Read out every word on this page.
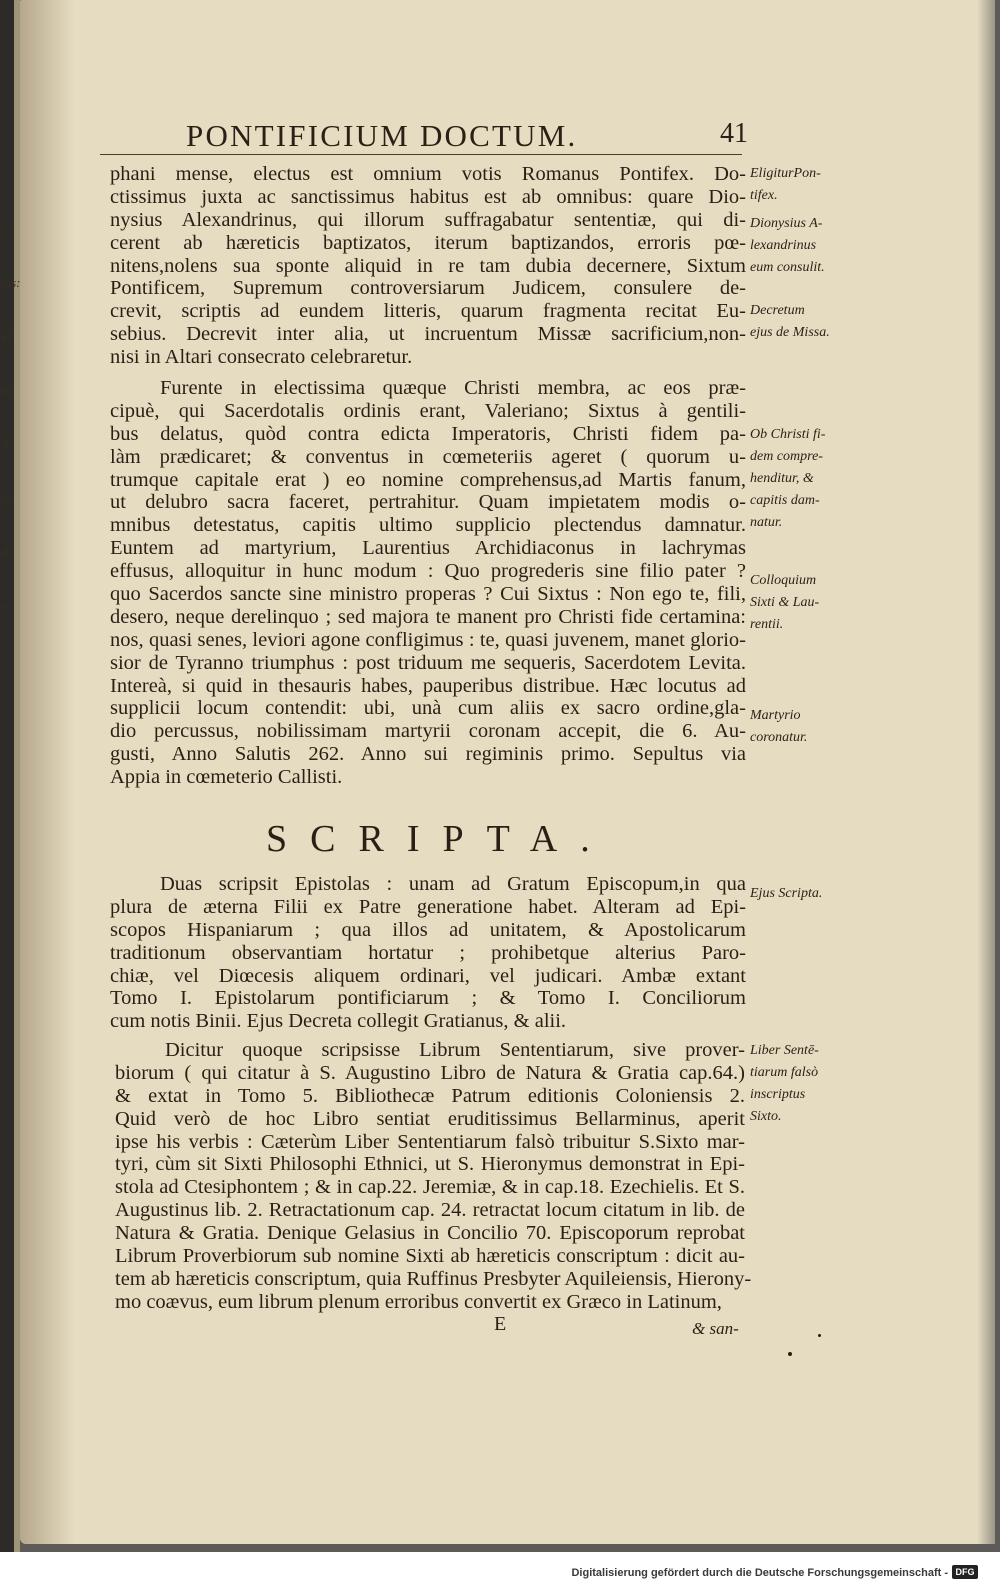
ι
ius:
ul
0-
d
ii-
d
e
PONTIFICIUM DOCTUM.	41
phani mense, electus est omnium votis Romanus Pontifex. Do-
ctissimus juxta ac sanctissimus habitus est ab omnibus: quare Dio-
nysius Alexandrinus, qui illorum suffragabatur sententiæ, qui di-
cerent ab hæreticis baptizatos, iterum baptizandos, erroris pœ-
nitens,nolens sua sponte aliquid in re tam dubia decernere, Sixtum
Pontificem, Supremum controversiarum Judicem, consulere de-
crevit, scriptis ad eundem litteris, quarum fragmenta recitat Eu-
sebius. Decrevit inter alia, ut incruentum Missæ sacrificium,non-
nisi in Altari consecrato celebraretur.
Furente in electissima quæque Christi membra, ac eos præ-
cipuè, qui Sacerdotalis ordinis erant, Valeriano; Sixtus à gentili-
bus delatus, quòd contra edicta Imperatoris, Christi fidem pa-
làm prædicaret; & conventus in cœmeteriis ageret ( quorum u-
trumque capitale erat ) eo nomine comprehensus,ad Martis fanum,
ut delubro sacra faceret, pertrahitur. Quam impietatem modis o-
mnibus detestatus, capitis ultimo supplicio plectendus damnatur.
Euntem ad martyrium, Laurentius Archidiaconus in lachrymas
effusus, alloquitur in hunc modum : Quo progrederis sine filio pater ?
quo Sacerdos sancte sine ministro properas ? Cui Sixtus : Non ego te, fili,
desero, neque derelinquo ; sed majora te manent pro Christi fide certamina:
nos, quasi senes, leviori agone confligimus : te, quasi juvenem, manet glorio-
sior de Tyranno triumphus : post triduum me sequeris, Sacerdotem Levita.
Intereà, si quid in thesauris habes, pauperibus distribue. Hæc locutus ad
supplicii locum contendit: ubi, unà cum aliis ex sacro ordine,gla-
dio percussus, nobilissimam martyrii coronam accepit, die 6. Au-
gusti, Anno Salutis 262. Anno sui regiminis primo. Sepultus via
Appia in cœmeterio Callisti.
SCRIPTA.
Duas scripsit Epistolas : unam ad Gratum Episcopum,in qua
plura de æterna Filii ex Patre generatione habet. Alteram ad Epi-
scopos Hispaniarum ; qua illos ad unitatem, & Apostolicarum
traditionum observantiam hortatur ; prohibetque alterius Paro-
chiæ, vel Diœcesis aliquem ordinari, vel judicari. Ambæ extant
Tomo I. Epistolarum pontificiarum ; & Tomo I. Conciliorum
cum notis Binii. Ejus Decreta collegit Gratianus, & alii.
Dicitur quoque scripsisse Librum Sententiarum, sive prover-
biorum ( qui citatur à S. Augustino Libro de Natura & Gratia cap.64.)
& extat in Tomo 5. Bibliothecæ Patrum editionis Coloniensis 2.
Quid verò de hoc Libro sentiat eruditissimus Bellarminus, aperit
ipse his verbis : Cæterùm Liber Sententiarum falsò tribuitur S.Sixto mar-
tyri, cùm sit Sixti Philosophi Ethnici, ut S. Hieronymus demonstrat in Epi-
stola ad Ctesiphontem ; & in cap.22. Jeremiæ, & in cap.18. Ezechielis. Et S.
Augustinus lib. 2. Retractationum cap. 24. retractat locum citatum in lib. de
Natura & Gratia. Denique Gelasius in Concilio 70. Episcoporum reprobat
Librum Proverbiorum sub nomine Sixti ab hæreticis conscriptum : dicit au-
tem ab hæreticis conscriptum, quia Ruffinus Presbyter Aquileiensis, Hierony-
mo coævus, eum librum plenum erroribus convertit ex Græco in Latinum,
EligiturPon-
tifex.
Dionysius A-
lexandrinus
eum consulit.
Decretum
ejus de Missa.
Ob Christi fi-
dem compre-
henditur, &
capitis dam-
natur.
Colloquium
Sixti & Lau-
rentii.
Martyrio
coronatur.
Ejus Scripta.
Liber Sentē-
tiarum falsò
inscriptus
Sixto.
E	& san-
Digitalisierung gefördert durch die Deutsche Forschungsgemeinschaft - DFG
